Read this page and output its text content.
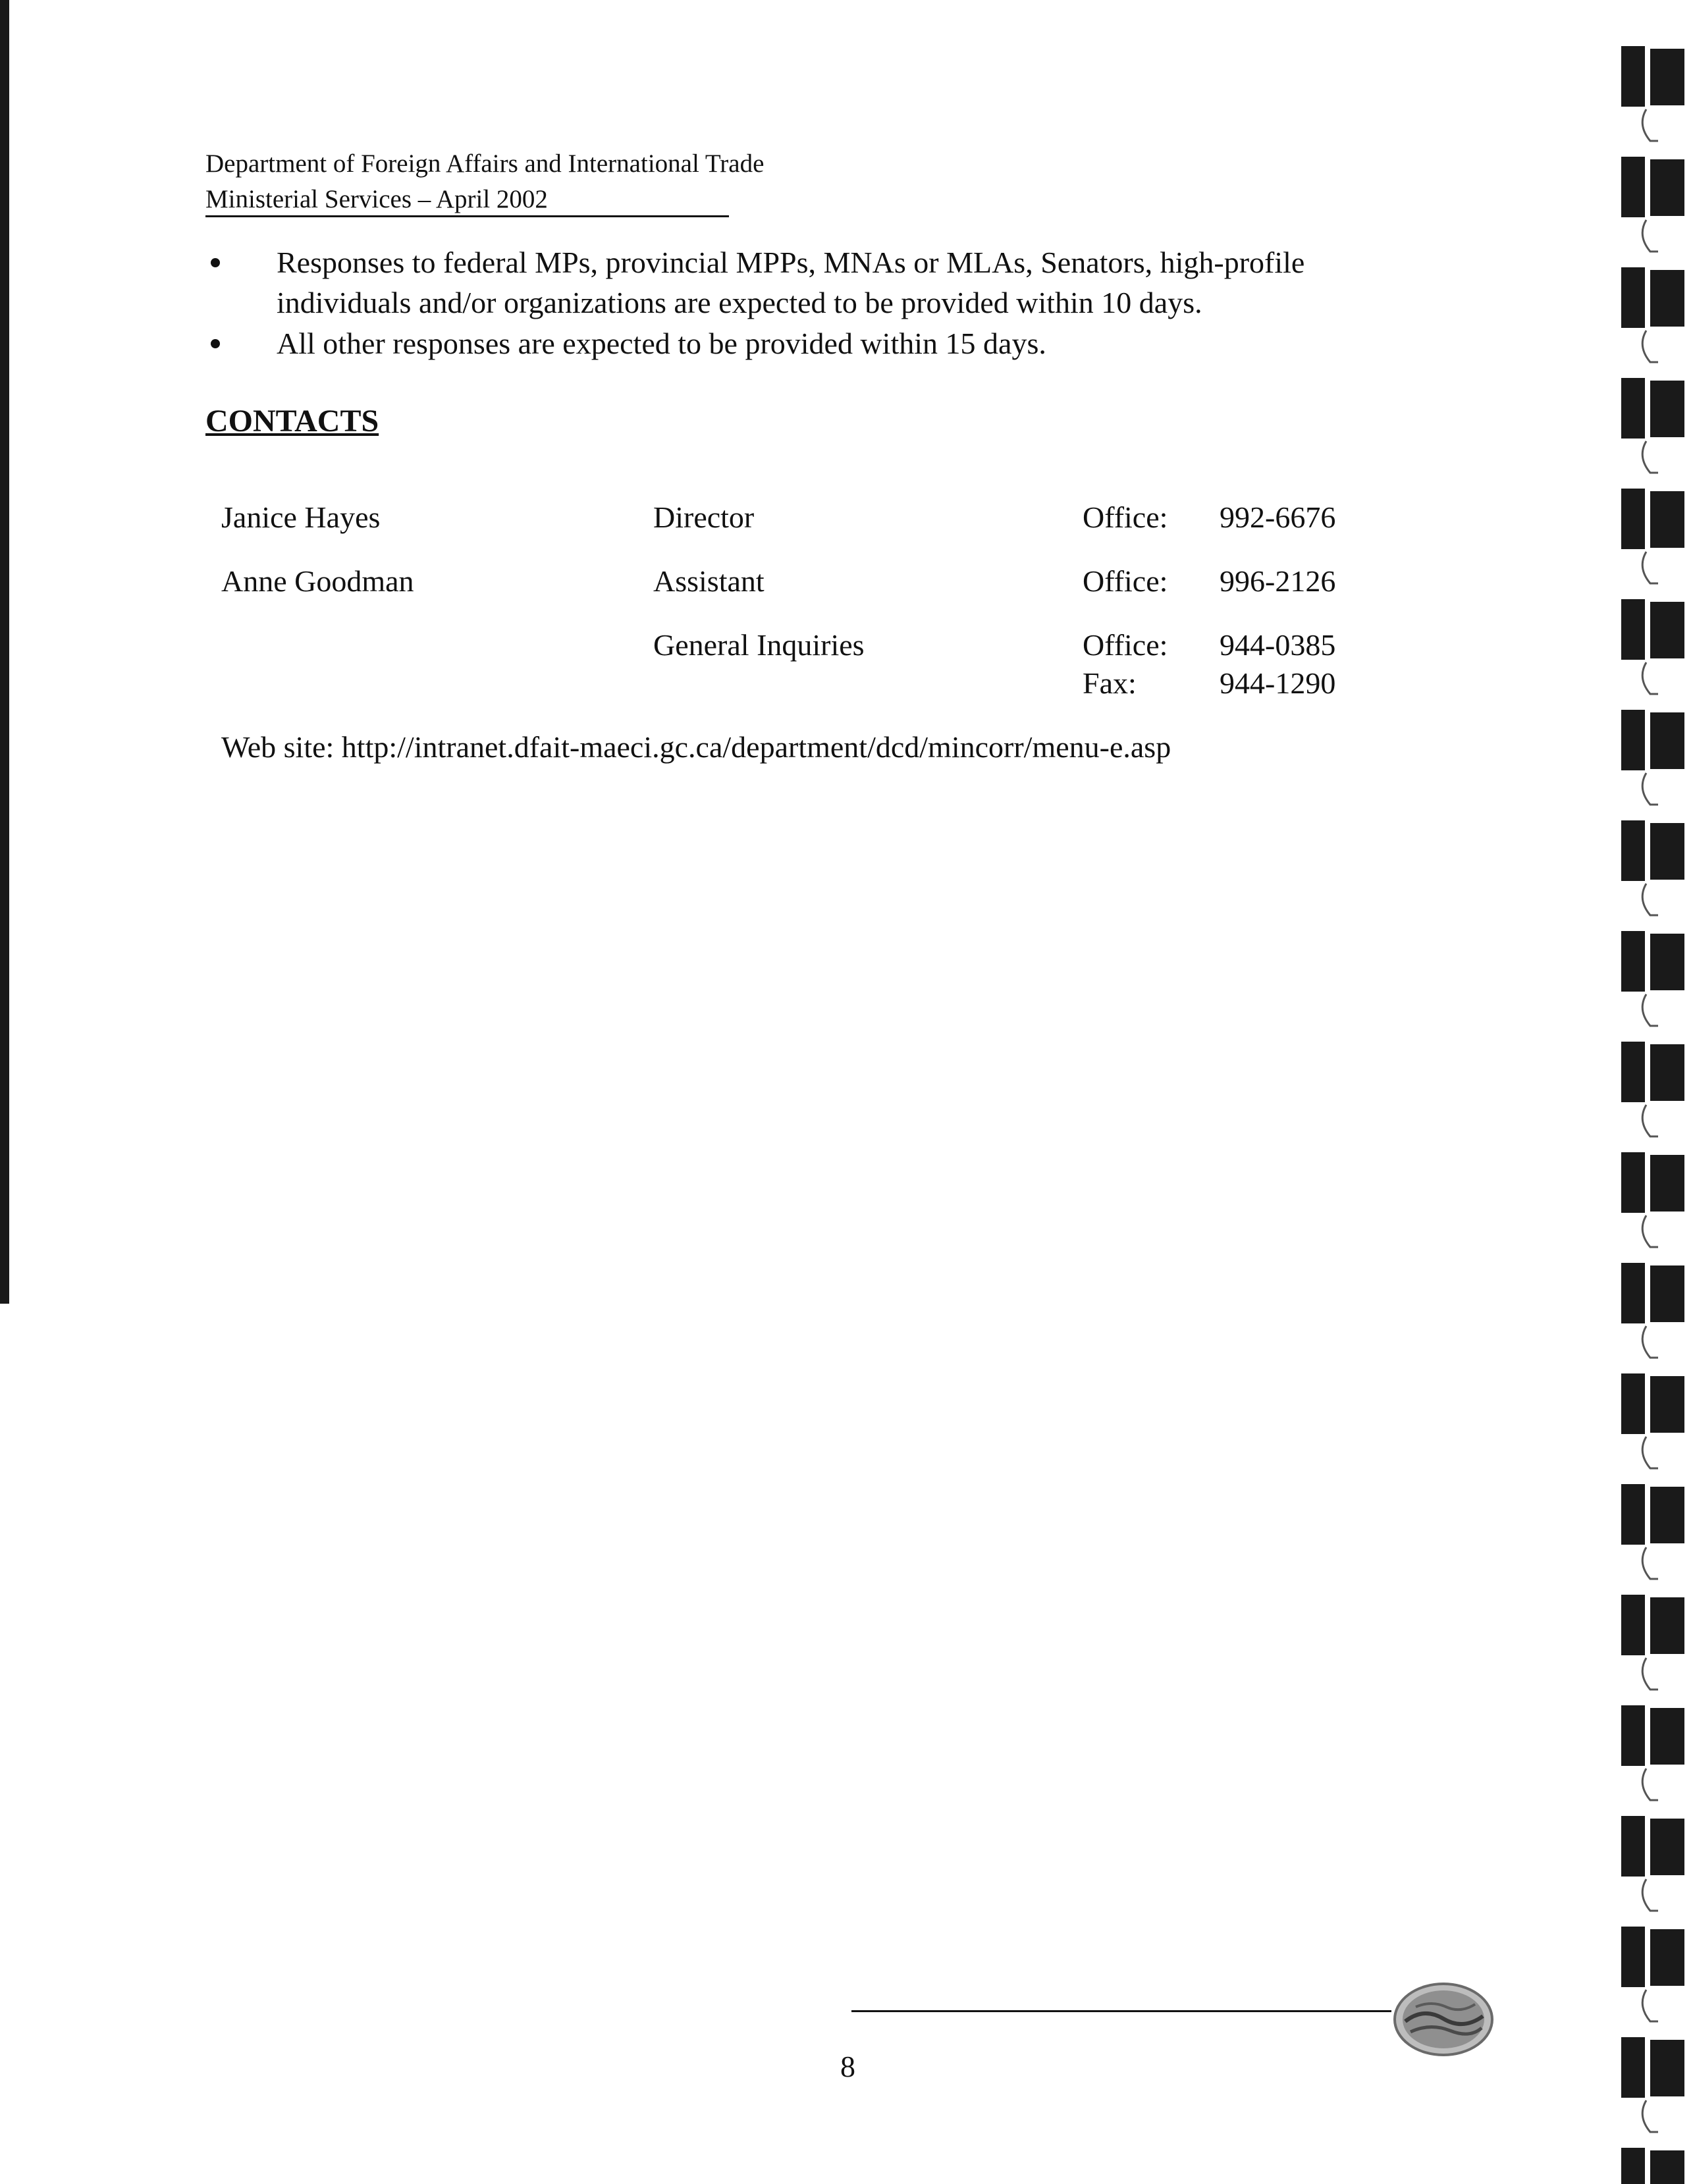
Department of Foreign Affairs and International Trade
Ministerial Services – April 2002
Responses to federal MPs, provincial MPPs, MNAs or MLAs, Senators, high-profile
individuals and/or organizations are expected to be provided within 10 days.
All other responses are expected to be provided within 15 days.
CONTACTS
Janice Hayes	Director	Office: 992-6676
Anne Goodman	Assistant	Office: 996-2126
General Inquiries	Office: 944-0385
Fax:	944-1290
Web site: http://intranet.dfait-maeci.gc.ca/department/dcd/mincorr/menu-e.asp
8
